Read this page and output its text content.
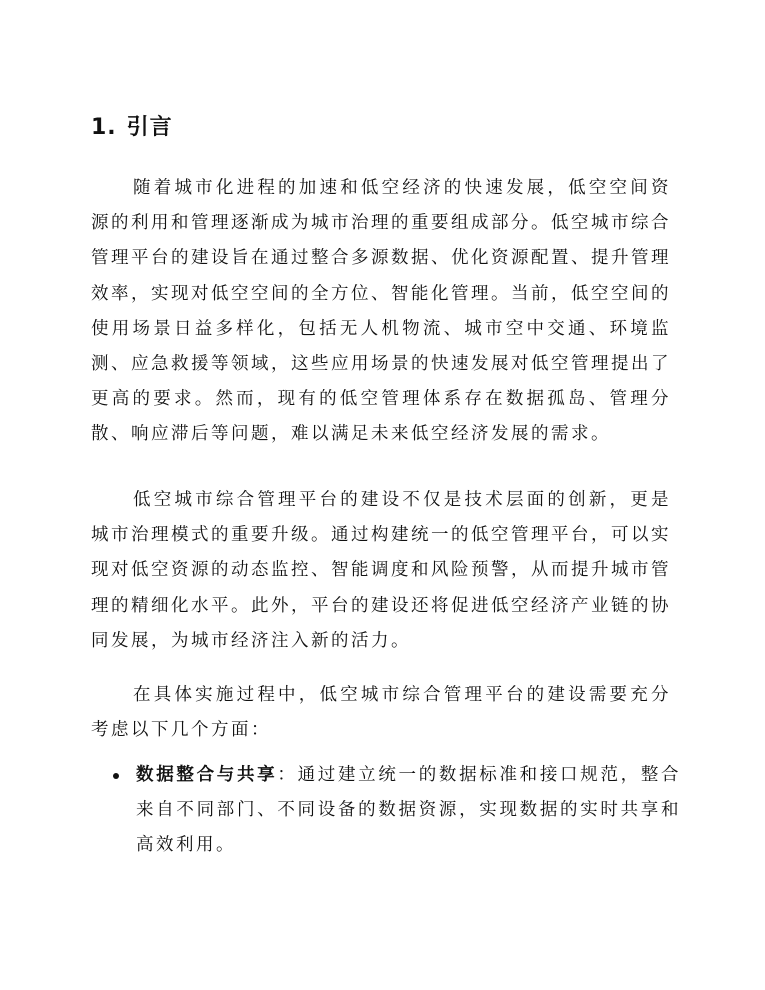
1. 引言

随着城市化进程的加速和低空经济的快速发展，低空空间资源的利用和管理逐渐成为城市治理的重要组成部分。低空城市综合管理平台的建设旨在通过整合多源数据、优化资源配置、提升管理效率，实现对低空空间的全方位、智能化管理。当前，低空空间的使用场景日益多样化，包括无人机物流、城市空中交通、环境监测、应急救援等领域，这些应用场景的快速发展对低空管理提出了更高的要求。然而，现有的低空管理体系存在数据孤岛、管理分散、响应滞后等问题，难以满足未来低空经济发展的需求。

低空城市综合管理平台的建设不仅是技术层面的创新，更是城市治理模式的重要升级。通过构建统一的低空管理平台，可以实现对低空资源的动态监控、智能调度和风险预警，从而提升城市管理的精细化水平。此外，平台的建设还将促进低空经济产业链的协同发展，为城市经济注入新的活力。

在具体实施过程中，低空城市综合管理平台的建设需要充分考虑以下几个方面：

数据整合与共享：通过建立统一的数据标准和接口规范，整合来自不同部门、不同设备的数据资源，实现数据的实时共享和高效利用。
